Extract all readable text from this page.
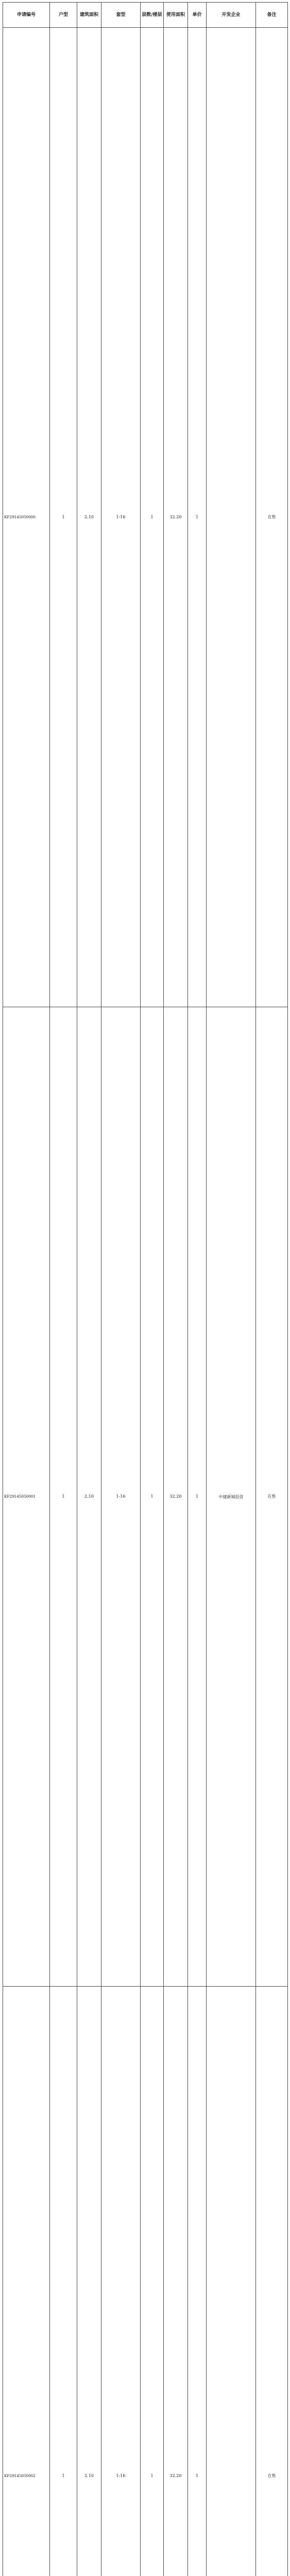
申请编号	户型	建筑面积	套型	层数/楼层	使用面积	单价	开发企业	备注
KF29145050000	1	2.10	1-16	1	32.20	1		在售
KF29145050001	1	2.10	1-16	1	32.20	1	中建新城投资	在售
KF29145050002	1	2.10	1-16	1	32.20	1		在售
